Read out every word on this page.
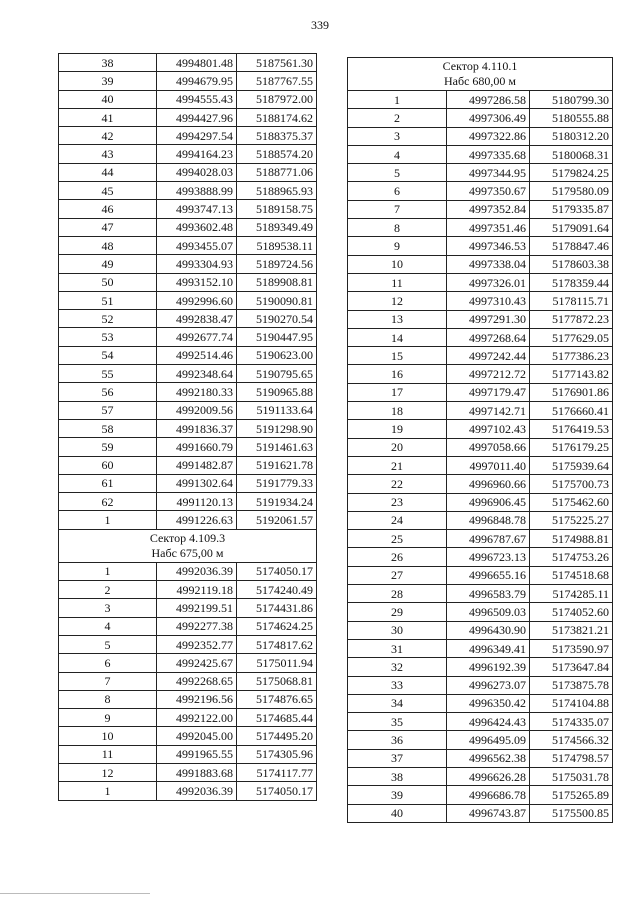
339
38	4994801.48	5187561.30
39	4994679.95	5187767.55
40	4994555.43	5187972.00
41	4994427.96	5188174.62
42	4994297.54	5188375.37
43	4994164.23	5188574.20
44	4994028.03	5188771.06
45	4993888.99	5188965.93
46	4993747.13	5189158.75
47	4993602.48	5189349.49
48	4993455.07	5189538.11
49	4993304.93	5189724.56
50	4993152.10	5189908.81
51	4992996.60	5190090.81
52	4992838.47	5190270.54
53	4992677.74	5190447.95
54	4992514.46	5190623.00
55	4992348.64	5190795.65
56	4992180.33	5190965.88
57	4992009.56	5191133.64
58	4991836.37	5191298.90
59	4991660.79	5191461.63
60	4991482.87	5191621.78
61	4991302.64	5191779.33
62	4991120.13	5191934.24
1	4991226.63	5192061.57

Сектор 4.109.3
Набс 675,00 м		

1	4992036.39	5174050.17
2	4992119.18	5174240.49
3	4992199.51	5174431.86
4	4992277.38	5174624.25
5	4992352.77	5174817.62
6	4992425.67	5175011.94
7	4992268.65	5175068.81
8	4992196.56	5174876.65
9	4992122.00	5174685.44
10	4992045.00	5174495.20
11	4991965.55	5174305.96
12	4991883.68	5174117.77
1	4992036.39	5174050.17
Сектор 4.110.1
Набс 680,00 м		

1	4997286.58	5180799.30
2	4997306.49	5180555.88
3	4997322.86	5180312.20
4	4997335.68	5180068.31
5	4997344.95	5179824.25
6	4997350.67	5179580.09
7	4997352.84	5179335.87
8	4997351.46	5179091.64
9	4997346.53	5178847.46
10	4997338.04	5178603.38
11	4997326.01	5178359.44
12	4997310.43	5178115.71
13	4997291.30	5177872.23
14	4997268.64	5177629.05
15	4997242.44	5177386.23
16	4997212.72	5177143.82
17	4997179.47	5176901.86
18	4997142.71	5176660.41
19	4997102.43	5176419.53
20	4997058.66	5176179.25
21	4997011.40	5175939.64
22	4996960.66	5175700.73
23	4996906.45	5175462.60
24	4996848.78	5175225.27
25	4996787.67	5174988.81
26	4996723.13	5174753.26
27	4996655.16	5174518.68
28	4996583.79	5174285.11
29	4996509.03	5174052.60
30	4996430.90	5173821.21
31	4996349.41	5173590.97
32	4996192.39	5173647.84
33	4996273.07	5173875.78
34	4996350.42	5174104.88
35	4996424.43	5174335.07
36	4996495.09	5174566.32
37	4996562.38	5174798.57
38	4996626.28	5175031.78
39	4996686.78	5175265.89
40	4996743.87	5175500.85
